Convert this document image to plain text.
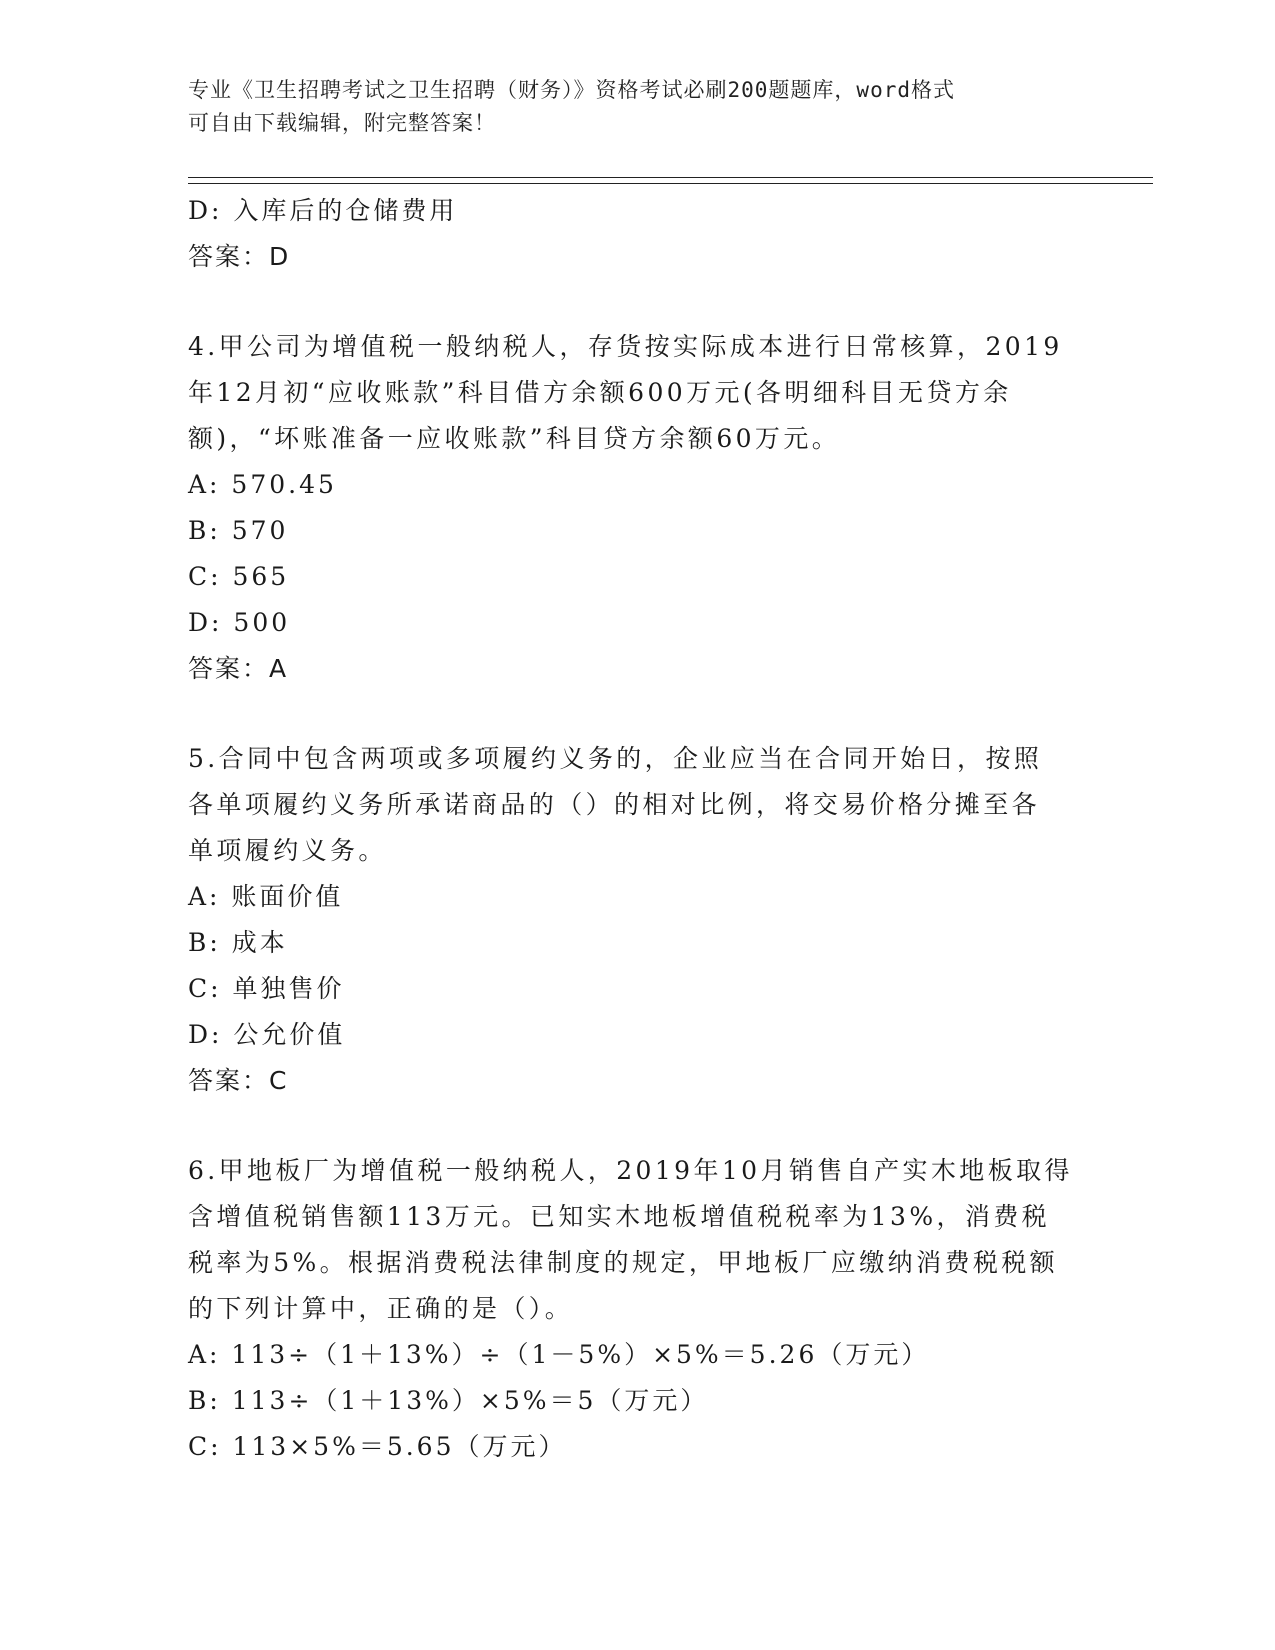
专业《卫生招聘考试之卫生招聘（财务）》资格考试必刷200题题库，word格式
可自由下载编辑，附完整答案！
D: 入库后的仓储费用
答案：D
4.甲公司为增值税一般纳税人，存货按实际成本进行日常核算，2019
年12月初“应收账款”科目借方余额600万元(各明细科目无贷方余
额)，“坏账准备一应收账款”科目贷方余额60万元。
A: 570.45
B: 570
C: 565
D: 500
答案：A
5.合同中包含两项或多项履约义务的，企业应当在合同开始日，按照
各单项履约义务所承诺商品的（）的相对比例，将交易价格分摊至各
单项履约义务。
A: 账面价值
B: 成本
C: 单独售价
D: 公允价值
答案：C
6.甲地板厂为增值税一般纳税人，2019年10月销售自产实木地板取得
含增值税销售额113万元。已知实木地板增值税税率为13%，消费税
税率为5%。根据消费税法律制度的规定，甲地板厂应缴纳消费税税额
的下列计算中，正确的是（）。
A: 113÷（1＋13%）÷（1－5%）×5%＝5.26（万元）
B: 113÷（1＋13%）×5%＝5（万元）
C: 113×5%＝5.65（万元）
